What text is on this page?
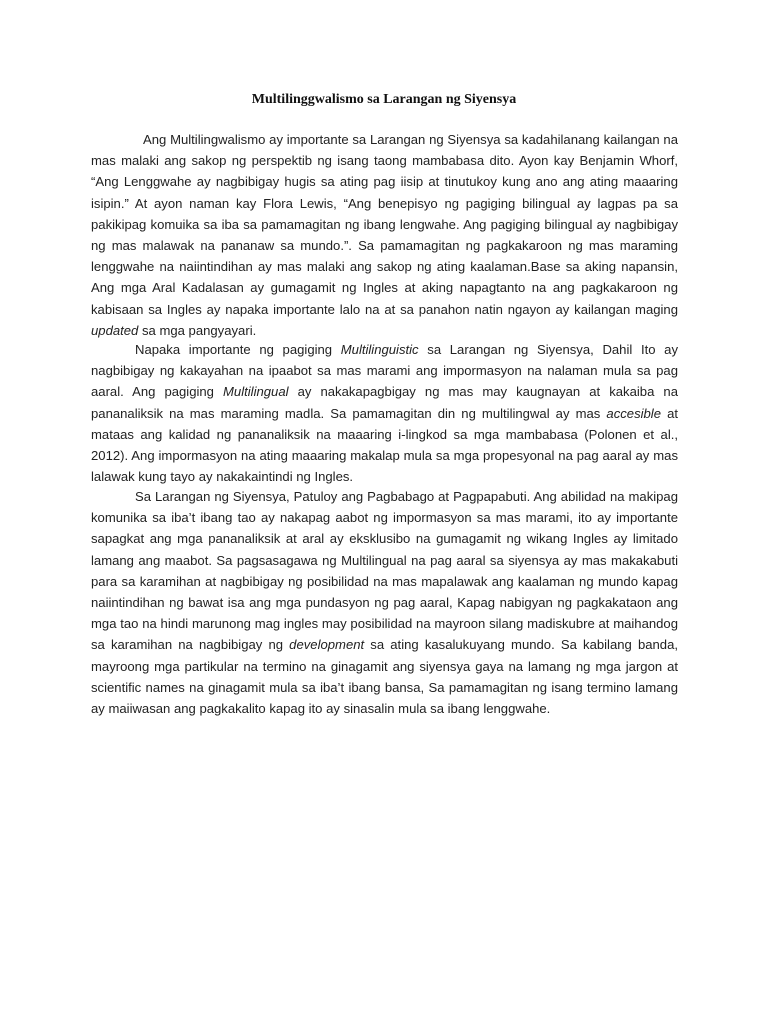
Multilinggwalismo sa Larangan ng Siyensya

Ang Multilingwalismo ay importante sa Larangan ng Siyensya sa kadahilanang kailangan na mas malaki ang sakop ng perspektib ng isang taong mambabasa dito. Ayon kay Benjamin Whorf, “Ang Lenggwahe ay nagbibigay hugis sa ating pag iisip at tinutukoy kung ano ang ating maaaring isipin.” At ayon naman kay Flora Lewis, “Ang benepisyo ng pagiging bilingual ay lagpas pa sa pakikipag komuika sa iba sa pamamagitan ng ibang lengwahe. Ang pagiging bilingual ay nagbibigay ng mas malawak na pananaw sa mundo.”. Sa pamamagitan ng pagkakaroon ng mas maraming lenggwahe na naiintindihan ay mas malaki ang sakop ng ating kaalaman.Base sa aking napansin, Ang mga Aral Kadalasan ay gumagamit ng Ingles at aking napagtanto na ang pagkakaroon ng kabisaan sa Ingles ay napaka importante lalo na at sa panahon natin ngayon ay kailangan maging updated sa mga pangyayari.

Napaka importante ng pagiging Multilinguistic sa Larangan ng Siyensya, Dahil Ito ay nagbibigay ng kakayahan na ipaabot sa mas marami ang impormasyon na nalaman mula sa pag aaral. Ang pagiging Multilingual ay nakakapagbigay ng mas may kaugnayan at kakaiba na pananaliksik na mas maraming madla. Sa pamamagitan din ng multilingwal ay mas accesible at mataas ang kalidad ng pananaliksik na maaaring i-lingkod sa mga mambabasa (Polonen et al., 2012). Ang impormasyon na ating maaaring makalap mula sa mga propesyonal na pag aaral ay mas lalawak kung tayo ay nakakaintindi ng Ingles.

Sa Larangan ng Siyensya, Patuloy ang Pagbabago at Pagpapabuti. Ang abilidad na makipag komunika sa iba’t ibang tao ay nakapag aabot ng impormasyon sa mas marami, ito ay importante sapagkat ang mga pananaliksik at aral ay eksklusibo na gumagamit ng wikang Ingles ay limitado lamang ang maabot. Sa pagsasagawa ng Multilingual na pag aaral sa siyensya ay mas makakabuti para sa karamihan at nagbibigay ng posibilidad na mas mapalawak ang kaalaman ng mundo kapag naiintindihan ng bawat isa ang mga pundasyon ng pag aaral, Kapag nabigyan ng pagkakataon ang mga tao na hindi marunong mag ingles may posibilidad na mayroon silang madiskubre at maihandog sa karamihan na nagbibigay ng development sa ating kasalukuyang mundo. Sa kabilang banda, mayroong mga partikular na termino na ginagamit ang siyensya gaya na lamang ng mga jargon at scientific names na ginagamit mula sa iba’t ibang bansa, Sa pamamagitan ng isang termino lamang ay maiiwasan ang pagkakalito kapag ito ay sinasalin mula sa ibang lenggwahe.
